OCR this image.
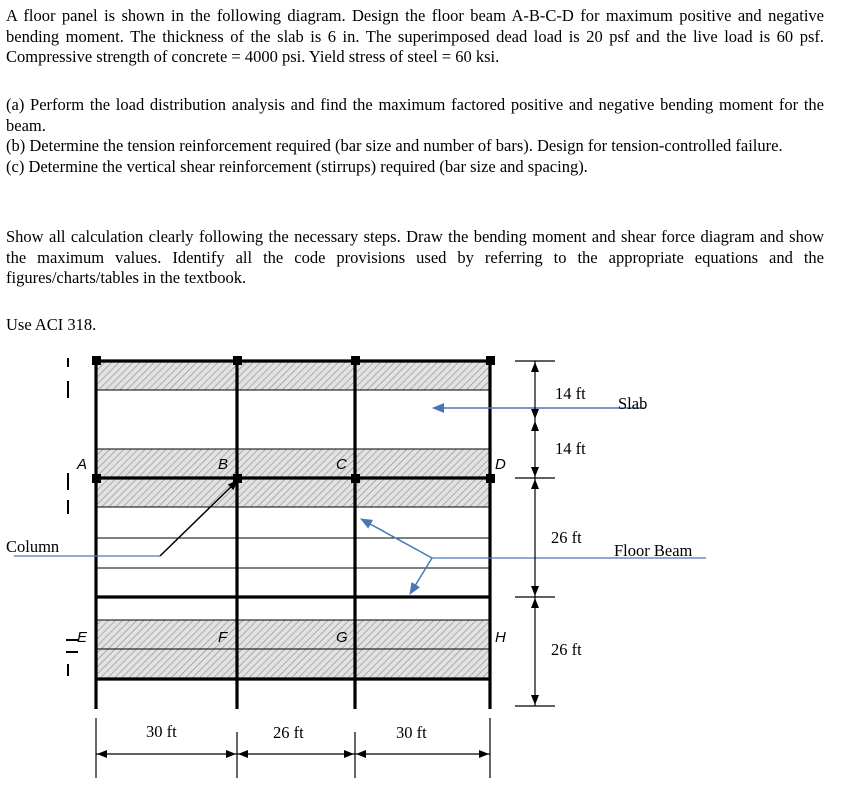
A floor panel is shown in the following diagram. Design the floor beam A-B-C-D for maximum positive and negative bending moment. The thickness of the slab is 6 in. The superimposed dead load is 20 psf and the live load is 60 psf. Compressive strength of concrete = 4000 psi. Yield stress of steel = 60 ksi.

(a) Perform the load distribution analysis and find the maximum factored positive and negative bending moment for the beam.

(b) Determine the tension reinforcement required (bar size and number of bars). Design for tension-controlled failure.

(c) Determine the vertical shear reinforcement (stirrups) required (bar size and spacing).

Show all calculation clearly following the necessary steps. Draw the bending moment and shear force diagram and show the maximum values. Identify all the code provisions used by referring to the appropriate equations and the figures/charts/tables in the textbook.

Use ACI 318.

A	B	C	D
E	F	G	H
Column
Slab
Floor Beam
14 ft
14 ft
26 ft
26 ft
30 ft	26 ft	30 ft
